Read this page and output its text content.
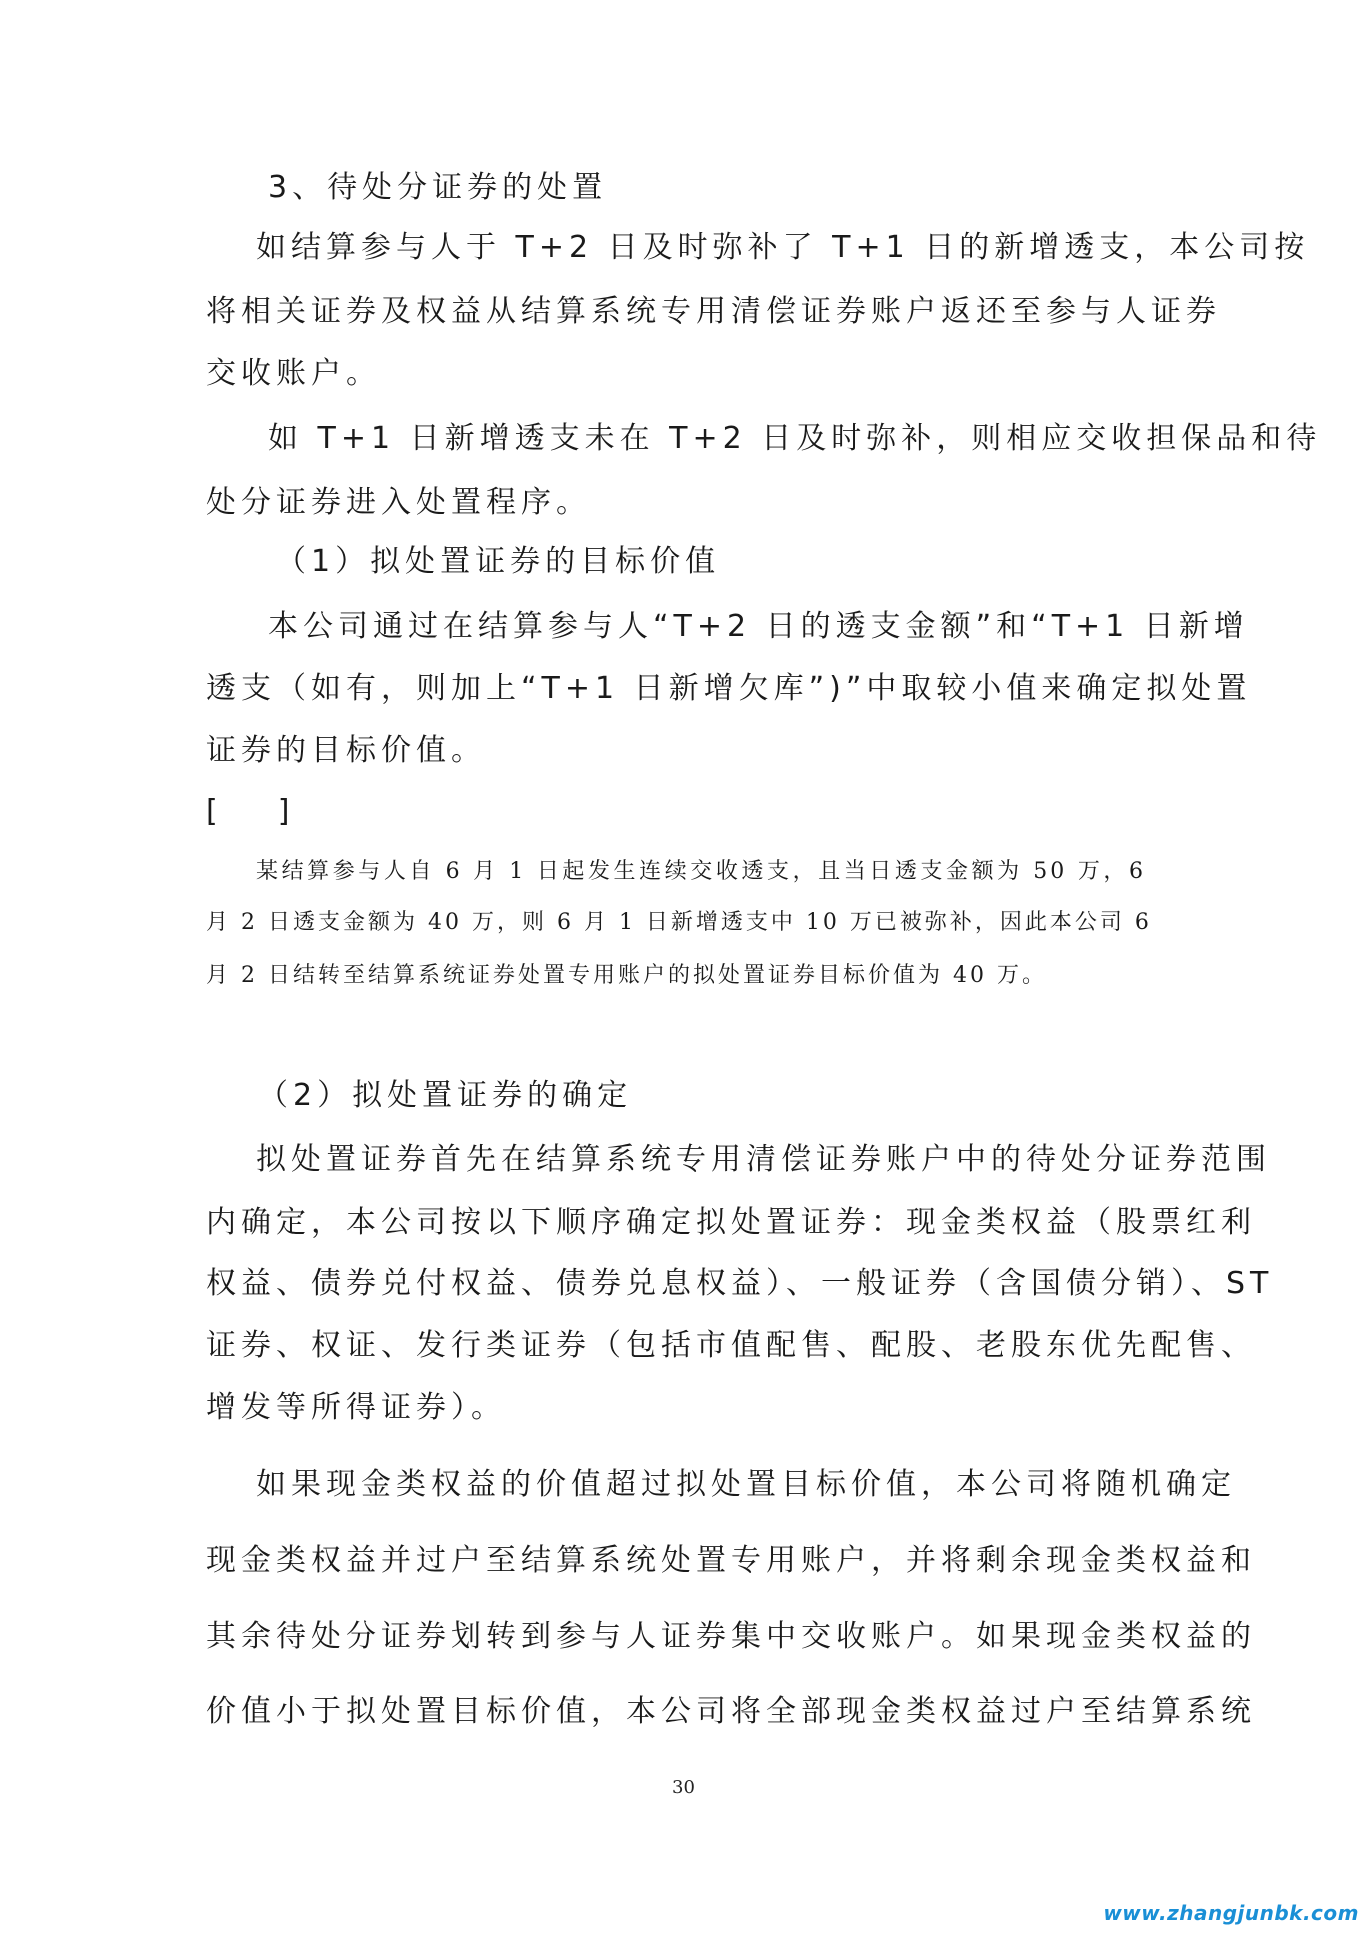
3、待处分证券的处置
如结算参与人于 T+2 日及时弥补了 T+1 日的新增透支，本公司按
将相关证券及权益从结算系统专用清偿证券账户返还至参与人证券
交收账户。
如 T+1 日新增透支未在 T+2 日及时弥补，则相应交收担保品和待
处分证券进入处置程序。
（1）拟处置证券的目标价值
本公司通过在结算参与人“T+2 日的透支金额”和“T+1 日新增
透支（如有，则加上“T+1 日新增欠库”)”中取较小值来确定拟处置
证券的目标价值。
[　　]
某结算参与人自 6 月 1 日起发生连续交收透支，且当日透支金额为 50 万，6
月 2 日透支金额为 40 万，则 6 月 1 日新增透支中 10 万已被弥补，因此本公司 6
月 2 日结转至结算系统证券处置专用账户的拟处置证券目标价值为 40 万。
（2）拟处置证券的确定
拟处置证券首先在结算系统专用清偿证券账户中的待处分证券范围
内确定，本公司按以下顺序确定拟处置证券：现金类权益（股票红利
权益、债券兑付权益、债券兑息权益）、一般证券（含国债分销）、ST
证券、权证、发行类证券（包括市值配售、配股、老股东优先配售、
增发等所得证券）。
如果现金类权益的价值超过拟处置目标价值，本公司将随机确定
现金类权益并过户至结算系统处置专用账户，并将剩余现金类权益和
其余待处分证券划转到参与人证券集中交收账户。如果现金类权益的
价值小于拟处置目标价值，本公司将全部现金类权益过户至结算系统
30
www.zhangjunbk.com
